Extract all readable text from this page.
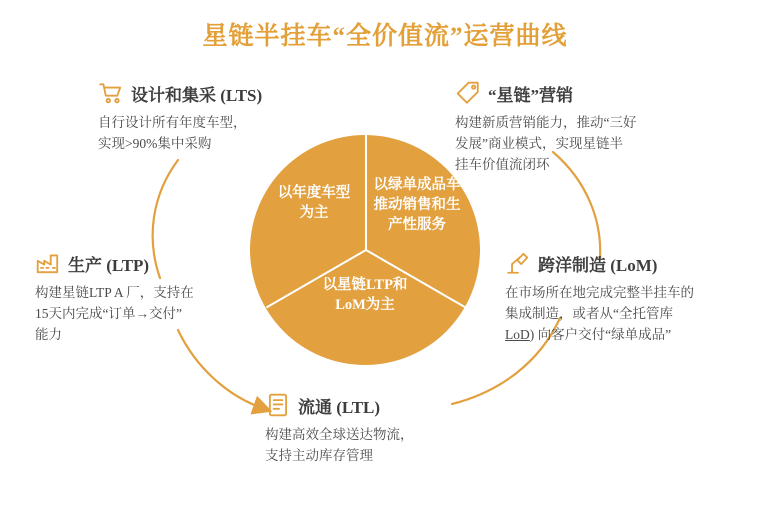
星链半挂车“全价值流”运营曲线
以年度车型
为主
以绿单成品车
推动销售和生
产性服务
以星链LTP和
LoM为主
设计和集采 (LTS)
自行设计所有年度车型，
实现>90%集中采购
“星链”营销
构建新质营销能力，推动“三好
发展”商业模式，实现星链半
挂车价值流闭环
生产 (LTP)
构建星链LTP A 厂，支持在
15天内完成“订单→交付”
能力
跨洋制造 (LoM)
在市场所在地完成完整半挂车的
集成制造，或者从“全托管库
LoD) 向客户交付“绿单成品”
流通 (LTL)
构建高效全球送达物流，
支持主动库存管理
